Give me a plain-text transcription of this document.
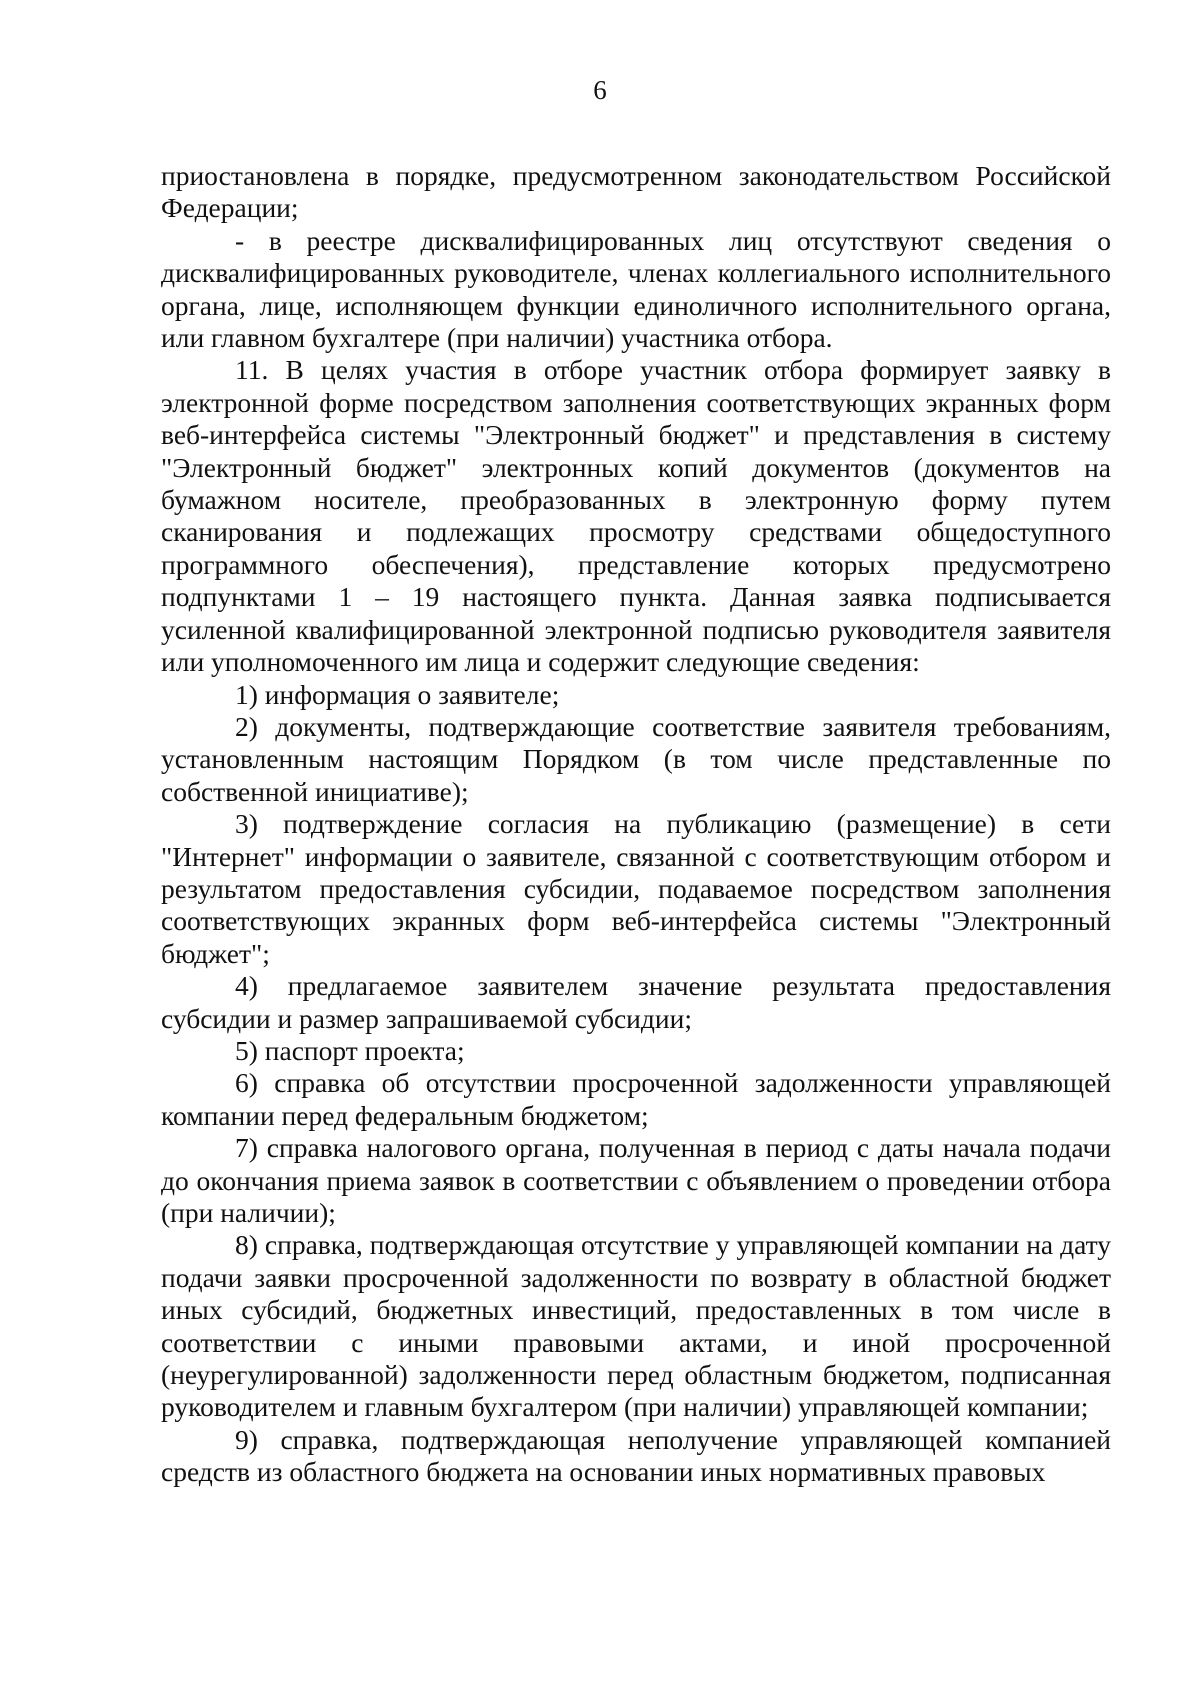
6

приостановлена в порядке, предусмотренном законодательством Российской Федерации;

- в реестре дисквалифицированных лиц отсутствуют сведения о дисквалифицированных руководителе, членах коллегиального исполнительного органа, лице, исполняющем функции единоличного исполнительного органа, или главном бухгалтере (при наличии) участника отбора.

11. В целях участия в отборе участник отбора формирует заявку в электронной форме посредством заполнения соответствующих экранных форм веб-интерфейса системы "Электронный бюджет" и представления в систему "Электронный бюджет" электронных копий документов (документов на бумажном носителе, преобразованных в электронную форму путем сканирования и подлежащих просмотру средствами общедоступного программного обеспечения), представление которых предусмотрено подпунктами 1 – 19 настоящего пункта. Данная заявка подписывается усиленной квалифицированной электронной подписью руководителя заявителя или уполномоченного им лица и содержит следующие сведения:

1) информация о заявителе;

2) документы, подтверждающие соответствие заявителя требованиям, установленным настоящим Порядком (в том числе представленные по собственной инициативе);

3) подтверждение согласия на публикацию (размещение) в сети "Интернет" информации о заявителе, связанной с соответствующим отбором и результатом предоставления субсидии, подаваемое посредством заполнения соответствующих экранных форм веб-интерфейса системы "Электронный бюджет";

4) предлагаемое заявителем значение результата предоставления субсидии и размер запрашиваемой субсидии;

5) паспорт проекта;

6) справка об отсутствии просроченной задолженности управляющей компании перед федеральным бюджетом;

7) справка налогового органа, полученная в период с даты начала подачи до окончания приема заявок в соответствии с объявлением о проведении отбора (при наличии);

8) справка, подтверждающая отсутствие у управляющей компании на дату подачи заявки просроченной задолженности по возврату в областной бюджет иных субсидий, бюджетных инвестиций, предоставленных в том числе в соответствии с иными правовыми актами, и иной просроченной (неурегулированной) задолженности перед областным бюджетом, подписанная руководителем и главным бухгалтером (при наличии) управляющей компании;

9) справка, подтверждающая неполучение управляющей компанией средств из областного бюджета на основании иных нормативных правовых
